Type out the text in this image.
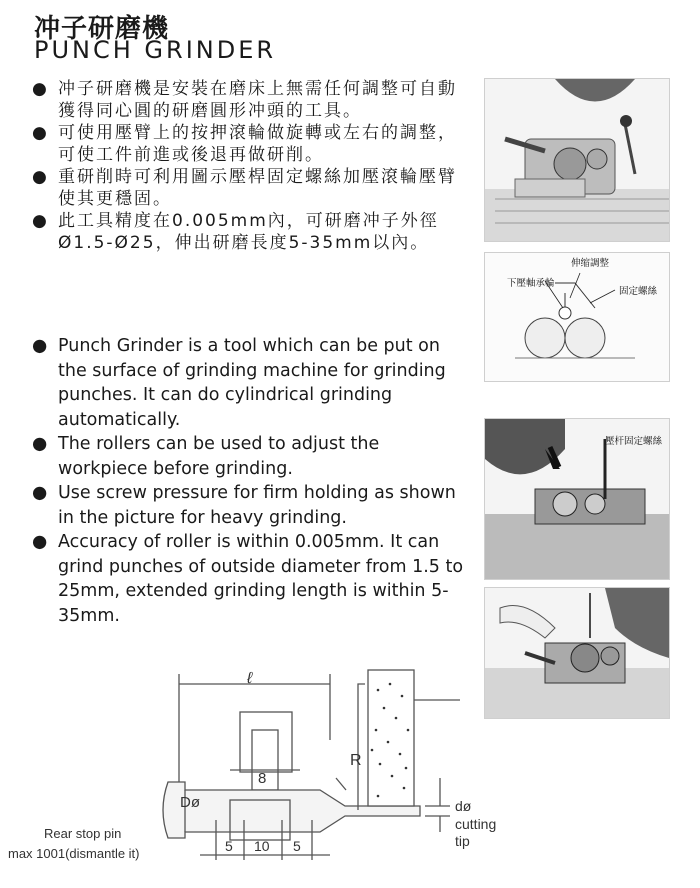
冲子研磨機
PUNCH GRINDER
● 冲子研磨機是安裝在磨床上無需任何調整可自動獲得同心圓的研磨圓形冲頭的工具。
● 可使用壓臂上的按押滾輪做旋轉或左右的調整，可使工件前進或後退再做研削。
● 重研削時可利用圖示壓桿固定螺絲加壓滾輪壓臂使其更穩固。
● 此工具精度在0.005mm內，可研磨冲子外徑 Ø1.5-Ø25，伸出研磨長度5-35mm以內。
● Punch Grinder is a tool which can be put on the surface of grinding machine for grinding punches. It can do cylindrical grinding automatically.
● The rollers can be used to adjust the workpiece before grinding.
● Use screw pressure for firm holding as shown in the picture for heavy grinding.
● Accuracy of roller is within 0.005mm. It can grind punches of outside diameter from 1.5 to 25mm, extended grinding length is within 5-35mm.
伸缩調整
下壓軸承輪
固定螺絲
壓杆固定螺絲
ℓ
8
R
Dø	dø
cutting
tip
Rear stop pin
max 1001(dismantle it)	5 10 5
